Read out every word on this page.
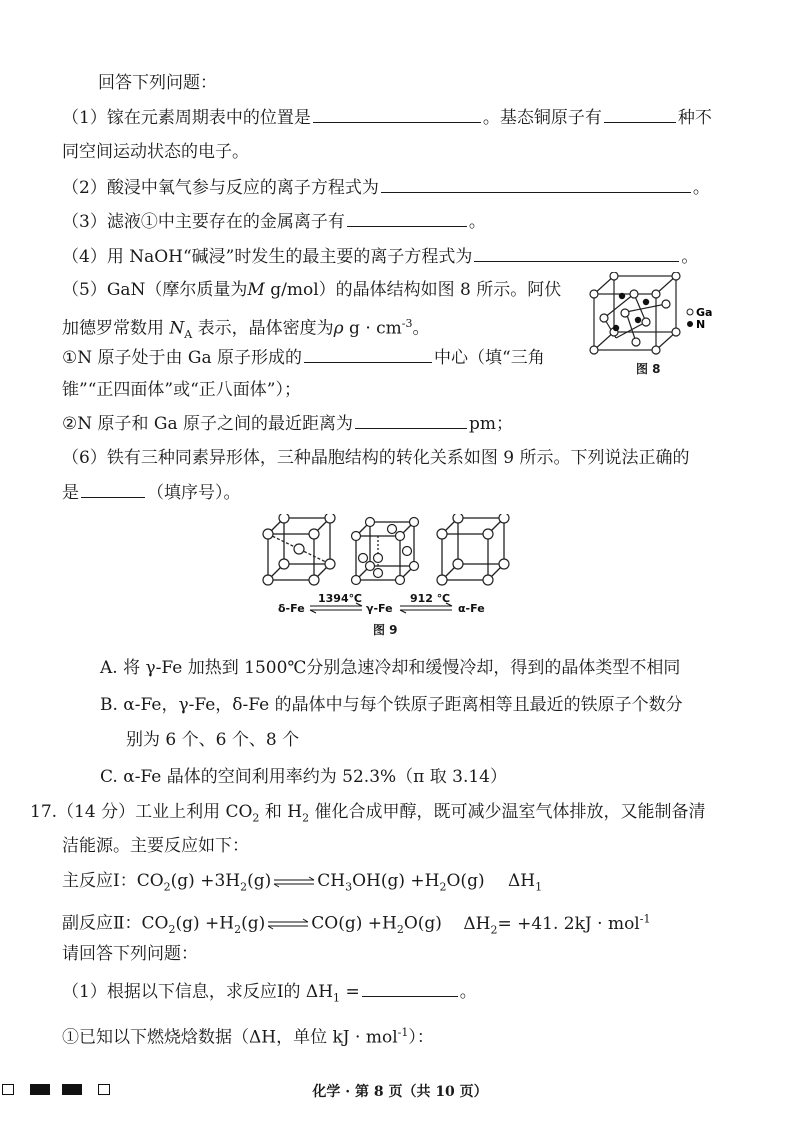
回答下列问题：
（1）镓在元素周期表中的位置是	。基态铜原子有	种不
同空间运动状态的电子。
（2）酸浸中氧气参与反应的离子方程式为	。
（3）滤液①中主要存在的金属离子有	。
（4）用 NaOH“碱浸”时发生的最主要的离子方程式为	。
（5）GaN（摩尔质量为M g/mol）的晶体结构如图 8 所示。阿伏
加德罗常数用 $N_A$ 表示，晶体密度为ρ $g \cdot cm^{-3}$。
①N 原子处于由 Ga 原子形成的	中心（填“三角
锥”“正四面体”或“正八面体”）；
②N 原子和 Ga 原子之间的最近距离为	pm；
（6）铁有三种同素异形体，三种晶胞结构的转化关系如图 9 所示。下列说法正确的
是	（填序号）。
Ga
N
图 8
δ-Fe
1394℃
γ-Fe
912 ℃
α-Fe
图 9
A. 将 γ-Fe 加热到 1500℃分别急速冷却和缓慢冷却，得到的晶体类型不相同
B. α-Fe，γ-Fe，δ-Fe 的晶体中与每个铁原子距离相等且最近的铁原子个数分
别为 6 个、6 个、8 个
C. α-Fe 晶体的空间利用率约为 52.3%（π 取 3.14）
17.（14 分）工业上利用 $CO_2$ 和 $H_2$ 催化合成甲醇，既可减少温室气体排放，又能制备清
洁能源。主要反应如下：
主反应Ⅰ：$CO_2(g)$ $+3H_2(g)\rightleftharpoons CH_3OH(g) +H_2O(g)$ $\Delta H_1$
副反应Ⅱ：$CO_2(g)$ $+H_2(g)\rightleftharpoons CO(g) +H_2O(g)$ $\Delta H_2= +41$. 2kJ · mol$^{-1}$
请回答下列问题：
（1）根据以下信息，求反应Ⅰ的 $\Delta H_1$ =	。
①已知以下燃烧焓数据（ΔH，单位 kJ · mol$^{-1}$）：
化学 · 第 8 页（共 10 页）
